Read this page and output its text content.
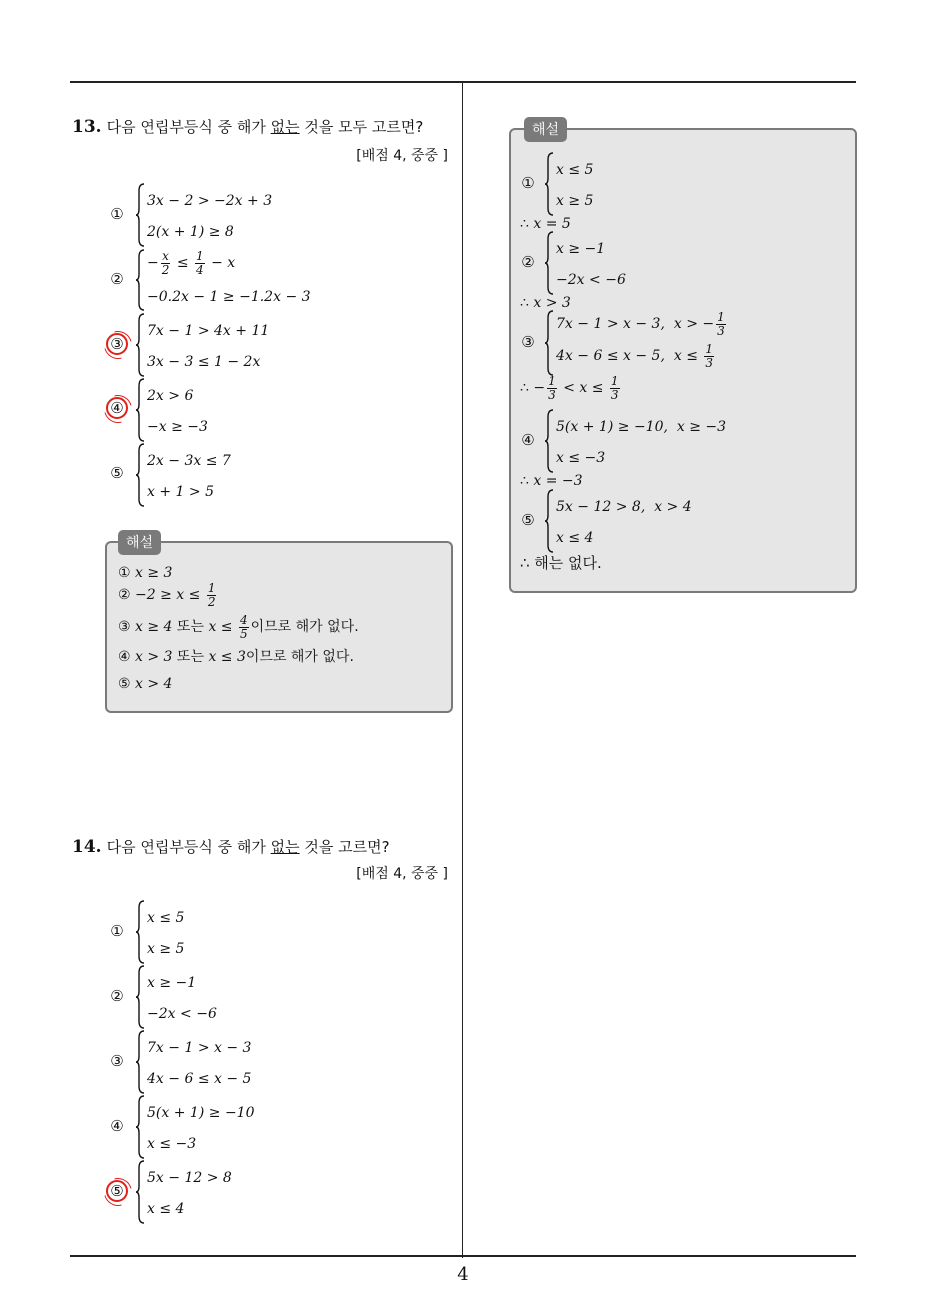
4
13. 다음 연립부등식 중 해가 없는 것을 모두 고르면?
[배점 4, 중중 ]
①
3x − 2 > −2x + 3
2(x + 1) ≥ 8
②
− $\frac{x}{2} \le \frac{1}{4} - x$
−0.2x − 1 ≥ −1.2x − 3
③
7x − 1 > 4x + 11
3x − 3 ≤ 1 − 2x
④
2x > 6
−x ≥ −3
⑤
2x − 3x ≤ 7
x + 1 > 5
해설
① x ≥ 3
② $-2 \ge x \le \frac{1}{2}$
③ x ≥ 4 또는 $x \le \frac{4}{5}$ 이므로 해가 없다.
④ x > 3 또는 x ≤ 3이므로 해가 없다.
⑤ x > 4
14. 다음 연립부등식 중 해가 없는 것을 고르면?
[배점 4, 중중 ]
①
x ≤ 5
x ≥ 5
②
x ≥ −1
−2x < −6
③
7x − 1 > x − 3
4x − 6 ≤ x − 5
④
5(x + 1) ≥ −10
x ≤ −3
⑤
5x − 12 > 8
x ≤ 4
해설
①
x ≤ 5
x ≥ 5
∴ x = 5
②
x ≥ −1
−2x < −6
∴ x > 3
③
7x − 1 > x − 3,  x > − $\frac{1}{3}$
4x − 6 ≤ x − 5,  $x \le \frac{1}{3}$
∴ − $\frac{1}{3} < x \le \frac{1}{3}$
④
5(x + 1) ≥ −10,  x ≥ −3
x ≤ −3
∴ x = −3
⑤
5x − 12 > 8,  x > 4
x ≤ 4
∴ 해는 없다.
